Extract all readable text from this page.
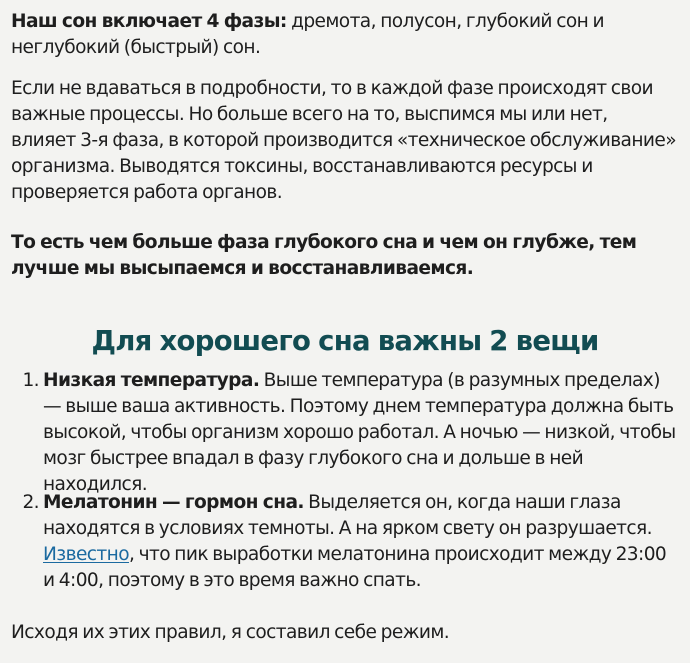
Наш сон включает 4 фазы: дремота, полусон, глубокий сон и неглубокий (быстрый) сон.

Если не вдаваться в подробности, то в каждой фазе происходят свои важные процессы. Но больше всего на то, выспимся мы или нет, влияет 3-я фаза, в которой производится «техническое обслуживание» организма. Выводятся токсины, восстанавливаются ресурсы и проверяется работа органов.

То есть чем больше фаза глубокого сна и чем он глубже, тем лучше мы высыпаемся и восстанавливаемся.

Для хорошего сна важны 2 вещи
1. Низкая температура. Выше температура (в разумных пределах) — выше ваша активность. Поэтому днем температура должна быть высокой, чтобы организм хорошо работал. А ночью — низкой, чтобы мозг быстрее впадал в фазу глубокого сна и дольше в ней находился.
2. Мелатонин — гормон сна. Выделяется он, когда наши глаза находятся в условиях темноты. А на ярком свету он разрушается.
Известно, что пик выработки мелатонина происходит между 23:00 и 4:00, поэтому в это время важно спать.

Исходя их этих правил, я составил себе режим.
